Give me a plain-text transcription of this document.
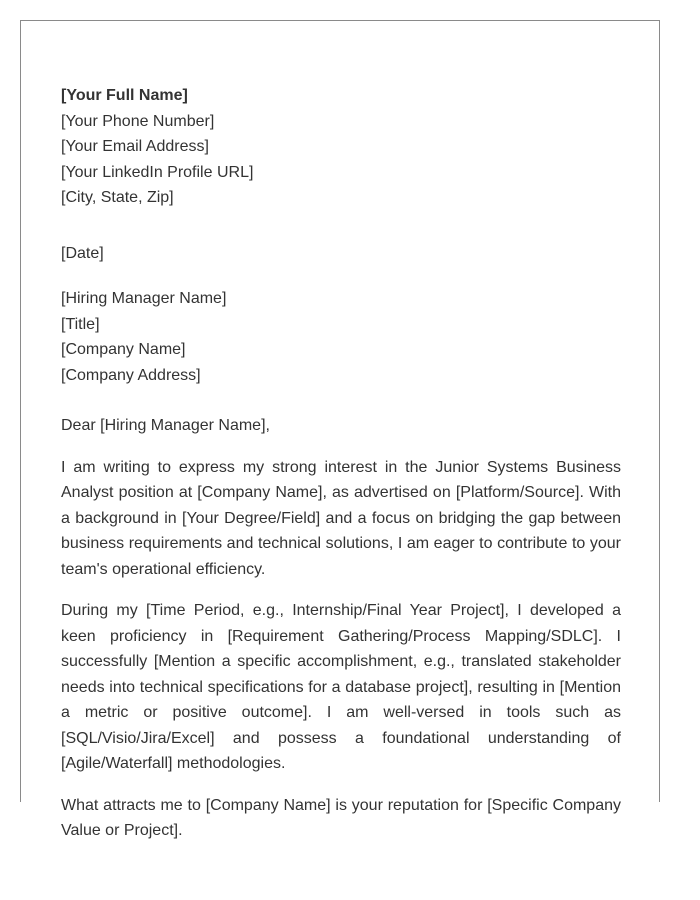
[Your Full Name]
[Your Phone Number]
[Your Email Address]
[Your LinkedIn Profile URL]
[City, State, Zip]
[Date]
[Hiring Manager Name]
[Title]
[Company Name]
[Company Address]
Dear [Hiring Manager Name],

I am writing to express my strong interest in the Junior Systems Business Analyst position at [Company Name], as advertised on [Platform/Source]. With a background in [Your Degree/Field] and a focus on bridging the gap between business requirements and technical solutions, I am eager to contribute to your team's operational efficiency.

During my [Time Period, e.g., Internship/Final Year Project], I developed a keen proficiency in [Requirement Gathering/Process Mapping/SDLC]. I successfully [Mention a specific accomplishment, e.g., translated stakeholder needs into technical specifications for a database project], resulting in [Mention a metric or positive outcome]. I am well-versed in tools such as [SQL/Visio/Jira/Excel] and possess a foundational understanding of [Agile/Waterfall] methodologies.

What attracts me to [Company Name] is your reputation for [Specific Company Value or Project].
